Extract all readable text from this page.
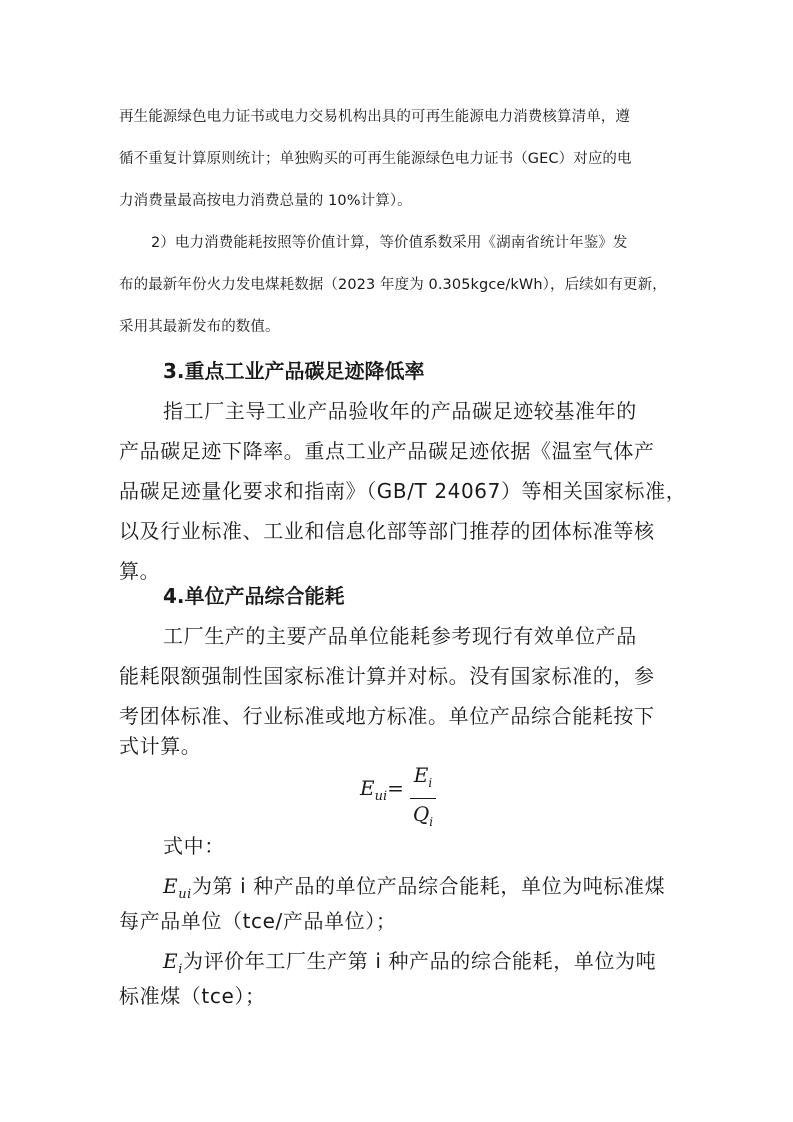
再生能源绿色电力证书或电力交易机构出具的可再生能源电力消费核算清单，遵
循不重复计算原则统计；单独购买的可再生能源绿色电力证书（GEC）对应的电
力消费量最高按电力消费总量的 10%计算）。
2）电力消费能耗按照等价值计算，等价值系数采用《湖南省统计年鉴》发
布的最新年份火力发电煤耗数据（2023 年度为 0.305kgce/kWh），后续如有更新，
采用其最新发布的数值。
3.重点工业产品碳足迹降低率
指工厂主导工业产品验收年的产品碳足迹较基准年的
产品碳足迹下降率。重点工业产品碳足迹依据《温室气体产
品碳足迹量化要求和指南》（GB/T 24067）等相关国家标准，
以及行业标准、工业和信息化部等部门推荐的团体标准等核
算。
4.单位产品综合能耗
工厂生产的主要产品单位能耗参考现行有效单位产品
能耗限额强制性国家标准计算并对标。没有国家标准的，参
考团体标准、行业标准或地方标准。单位产品综合能耗按下
式计算。
$E_{ui}=$
$E_i$
$Q_i$
式中：
$E_{ui}$为第 i 种产品的单位产品综合能耗，单位为吨标准煤
每产品单位（tce/产品单位）；
$E_i$为评价年工厂生产第 i 种产品的综合能耗，单位为吨
标准煤（tce）；
